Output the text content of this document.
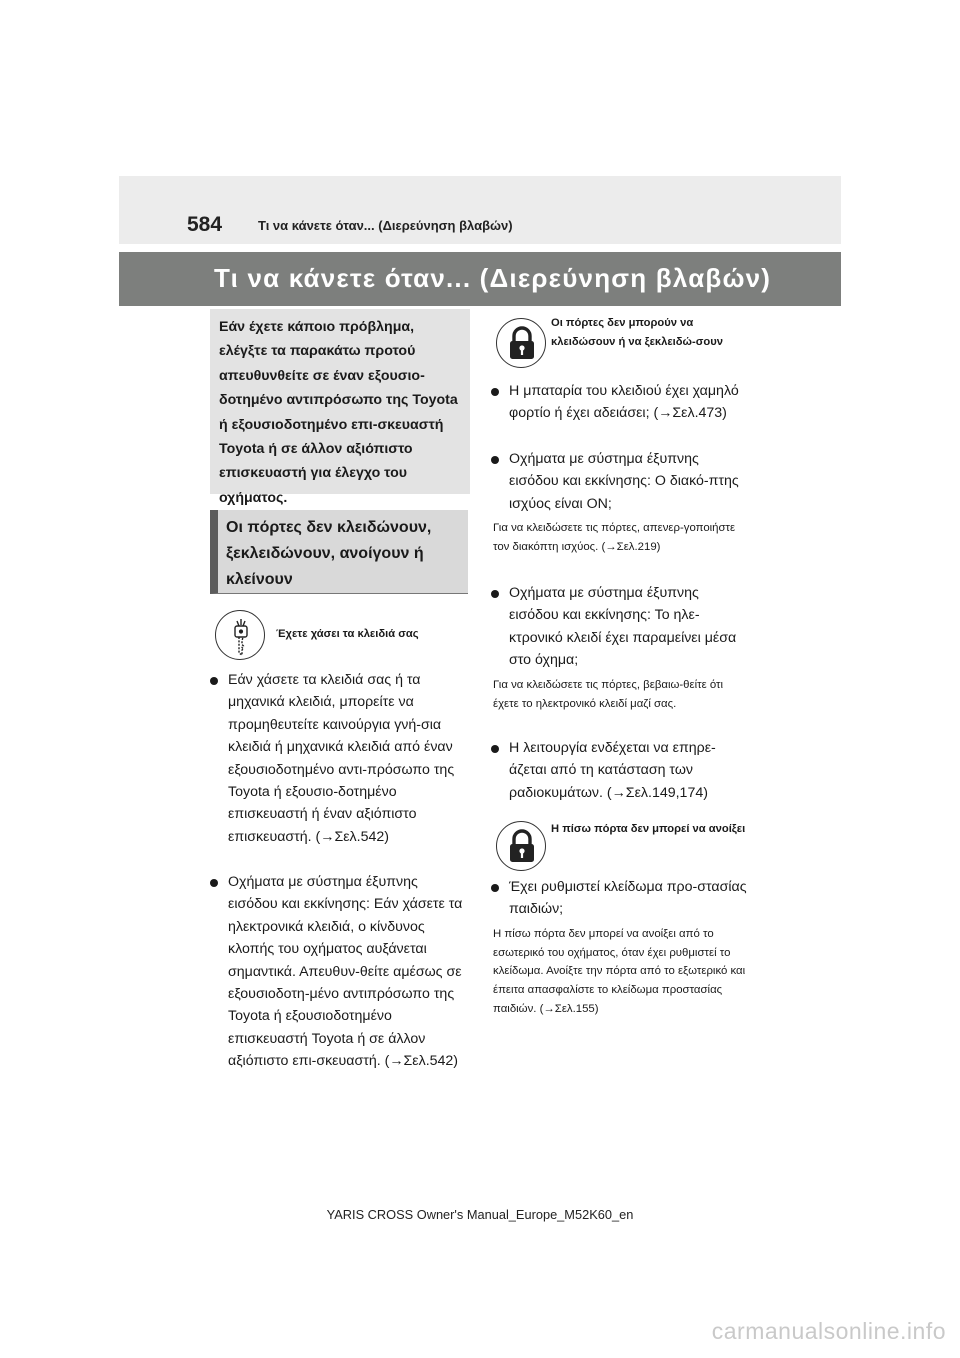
584	Τι να κάνετε όταν... (Διερεύνηση βλαβών)
Τι να κάνετε όταν... (Διερεύνηση βλαβών)
Εάν έχετε κάποιο πρόβλημα, ελέγξτε τα παρακάτω προτού απευθυνθείτε σε έναν εξουσιο-δοτημένο αντιπρόσωπο της Toyota ή εξουσιοδοτημένο επι-σκευαστή Toyota ή σε άλλον αξιόπιστο επισκευαστή για έλεγχο του οχήματος.
Οι πόρτες δεν κλειδώνουν, ξεκλειδώνουν, ανοίγουν ή κλείνουν
Έχετε χάσει τα κλειδιά σας
Εάν χάσετε τα κλειδιά σας ή τα μηχανικά κλειδιά, μπορείτε να προμηθευτείτε καινούργια γνή-σια κλειδιά ή μηχανικά κλειδιά από έναν εξουσιοδοτημένο αντι-πρόσωπο της Toyota ή εξουσιο-δοτημένο επισκευαστή ή έναν αξιόπιστο επισκευαστή. (→Σελ.542)
Οχήματα με σύστημα έξυπνης εισόδου και εκκίνησης: Εάν χάσετε τα ηλεκτρονικά κλειδιά, ο κίνδυνος κλοπής του οχήματος αυξάνεται σημαντικά. Απευθυν-θείτε αμέσως σε εξουσιοδοτη-μένο αντιπρόσωπο της Toyota ή εξουσιοδοτημένο επισκευαστή Toyota ή σε άλλον αξιόπιστο επι-σκευαστή. (→Σελ.542)
Οι πόρτες δεν μπορούν να κλειδώσουν ή να ξεκλειδώ-σουν
Η μπαταρία του κλειδιού έχει χαμηλό φορτίο ή έχει αδειάσει; (→Σελ.473)
Οχήματα με σύστημα έξυπνης εισόδου και εκκίνησης: Ο διακό-πτης ισχύος είναι ON;
Για να κλειδώσετε τις πόρτες, απενερ-γοποιήστε τον διακόπτη ισχύος. (→Σελ.219)
Οχήματα με σύστημα έξυπνης εισόδου και εκκίνησης: Το ηλε-κτρονικό κλειδί έχει παραμείνει μέσα στο όχημα;
Για να κλειδώσετε τις πόρτες, βεβαιω-θείτε ότι έχετε το ηλεκτρονικό κλειδί μαζί σας.
Η λειτουργία ενδέχεται να επηρε-άζεται από τη κατάσταση των ραδιοκυμάτων. (→Σελ.149,174)
Η πίσω πόρτα δεν μπορεί να ανοίξει
Έχει ρυθμιστεί κλείδωμα προ-στασίας παιδιών;
Η πίσω πόρτα δεν μπορεί να ανοίξει από το εσωτερικό του οχήματος, όταν έχει ρυθμιστεί το κλείδωμα. Ανοίξτε την πόρτα από το εξωτερικό και έπειτα απασφαλίστε το κλείδωμα προστασίας παιδιών. (→Σελ.155)
YARIS CROSS Owner's Manual_Europe_M52K60_en
carmanualsonline.info
